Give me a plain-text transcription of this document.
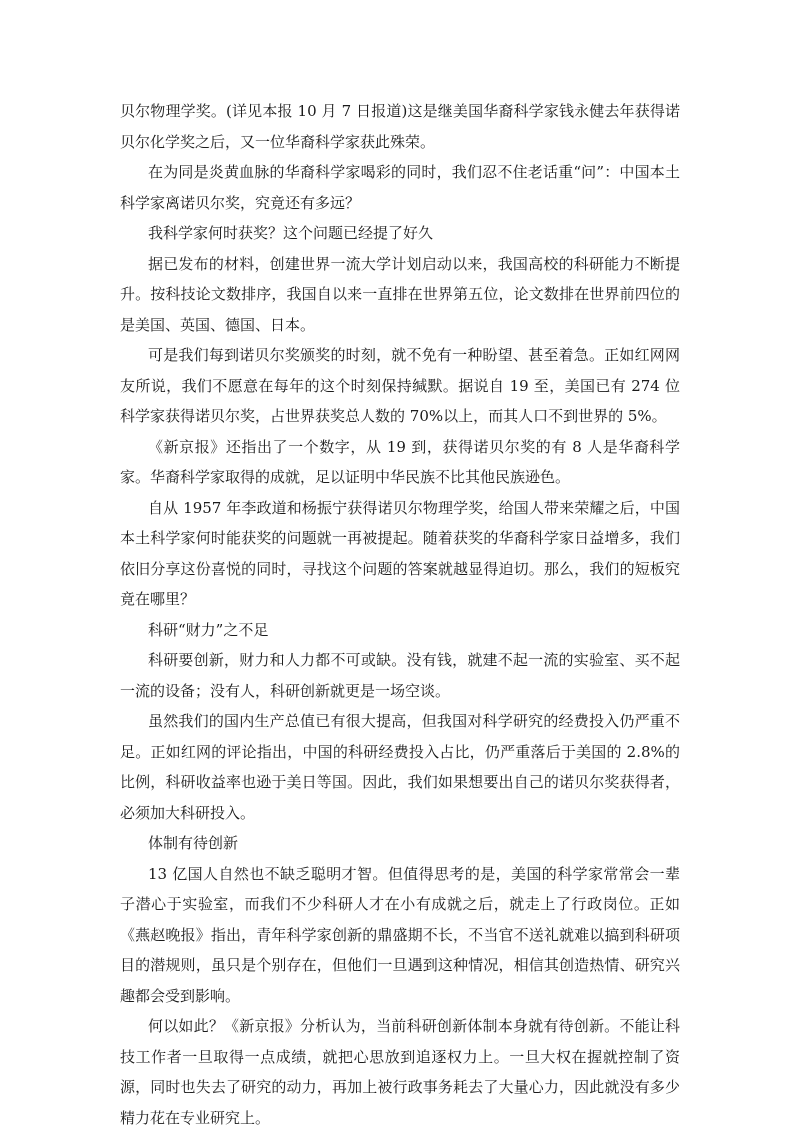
贝尔物理学奖。(详见本报 10 月 7 日报道)这是继美国华裔科学家钱永健去年获得诺贝尔化学奖之后，又一位华裔科学家获此殊荣。

在为同是炎黄血脉的华裔科学家喝彩的同时，我们忍不住老话重“问”：中国本土科学家离诺贝尔奖，究竟还有多远？

我科学家何时获奖？这个问题已经提了好久

据已发布的材料，创建世界一流大学计划启动以来，我国高校的科研能力不断提升。按科技论文数排序，我国自以来一直排在世界第五位，论文数排在世界前四位的是美国、英国、德国、日本。

可是我们每到诺贝尔奖颁奖的时刻，就不免有一种盼望、甚至着急。正如红网网友所说，我们不愿意在每年的这个时刻保持缄默。据说自 19 至，美国已有 274 位科学家获得诺贝尔奖，占世界获奖总人数的 70%以上，而其人口不到世界的 5%。

《新京报》还指出了一个数字，从 19 到，获得诺贝尔奖的有 8 人是华裔科学家。华裔科学家取得的成就，足以证明中华民族不比其他民族逊色。

自从 1957 年李政道和杨振宁获得诺贝尔物理学奖，给国人带来荣耀之后，中国本土科学家何时能获奖的问题就一再被提起。随着获奖的华裔科学家日益增多，我们依旧分享这份喜悦的同时，寻找这个问题的答案就越显得迫切。那么，我们的短板究竟在哪里？

科研“财力”之不足

科研要创新，财力和人力都不可或缺。没有钱，就建不起一流的实验室、买不起一流的设备；没有人，科研创新就更是一场空谈。

虽然我们的国内生产总值已有很大提高，但我国对科学研究的经费投入仍严重不足。正如红网的评论指出，中国的科研经费投入占比，仍严重落后于美国的 2.8%的比例，科研收益率也逊于美日等国。因此，我们如果想要出自己的诺贝尔奖获得者，必须加大科研投入。

体制有待创新

13 亿国人自然也不缺乏聪明才智。但值得思考的是，美国的科学家常常会一辈子潜心于实验室，而我们不少科研人才在小有成就之后，就走上了行政岗位。正如《燕赵晚报》指出，青年科学家创新的鼎盛期不长，不当官不送礼就难以搞到科研项目的潜规则，虽只是个别存在，但他们一旦遇到这种情况，相信其创造热情、研究兴趣都会受到影响。

何以如此？《新京报》分析认为，当前科研创新体制本身就有待创新。不能让科技工作者一旦取得一点成绩，就把心思放到追逐权力上。一旦大权在握就控制了资源，同时也失去了研究的动力，再加上被行政事务耗去了大量心力，因此就没有多少精力花在专业研究上。
